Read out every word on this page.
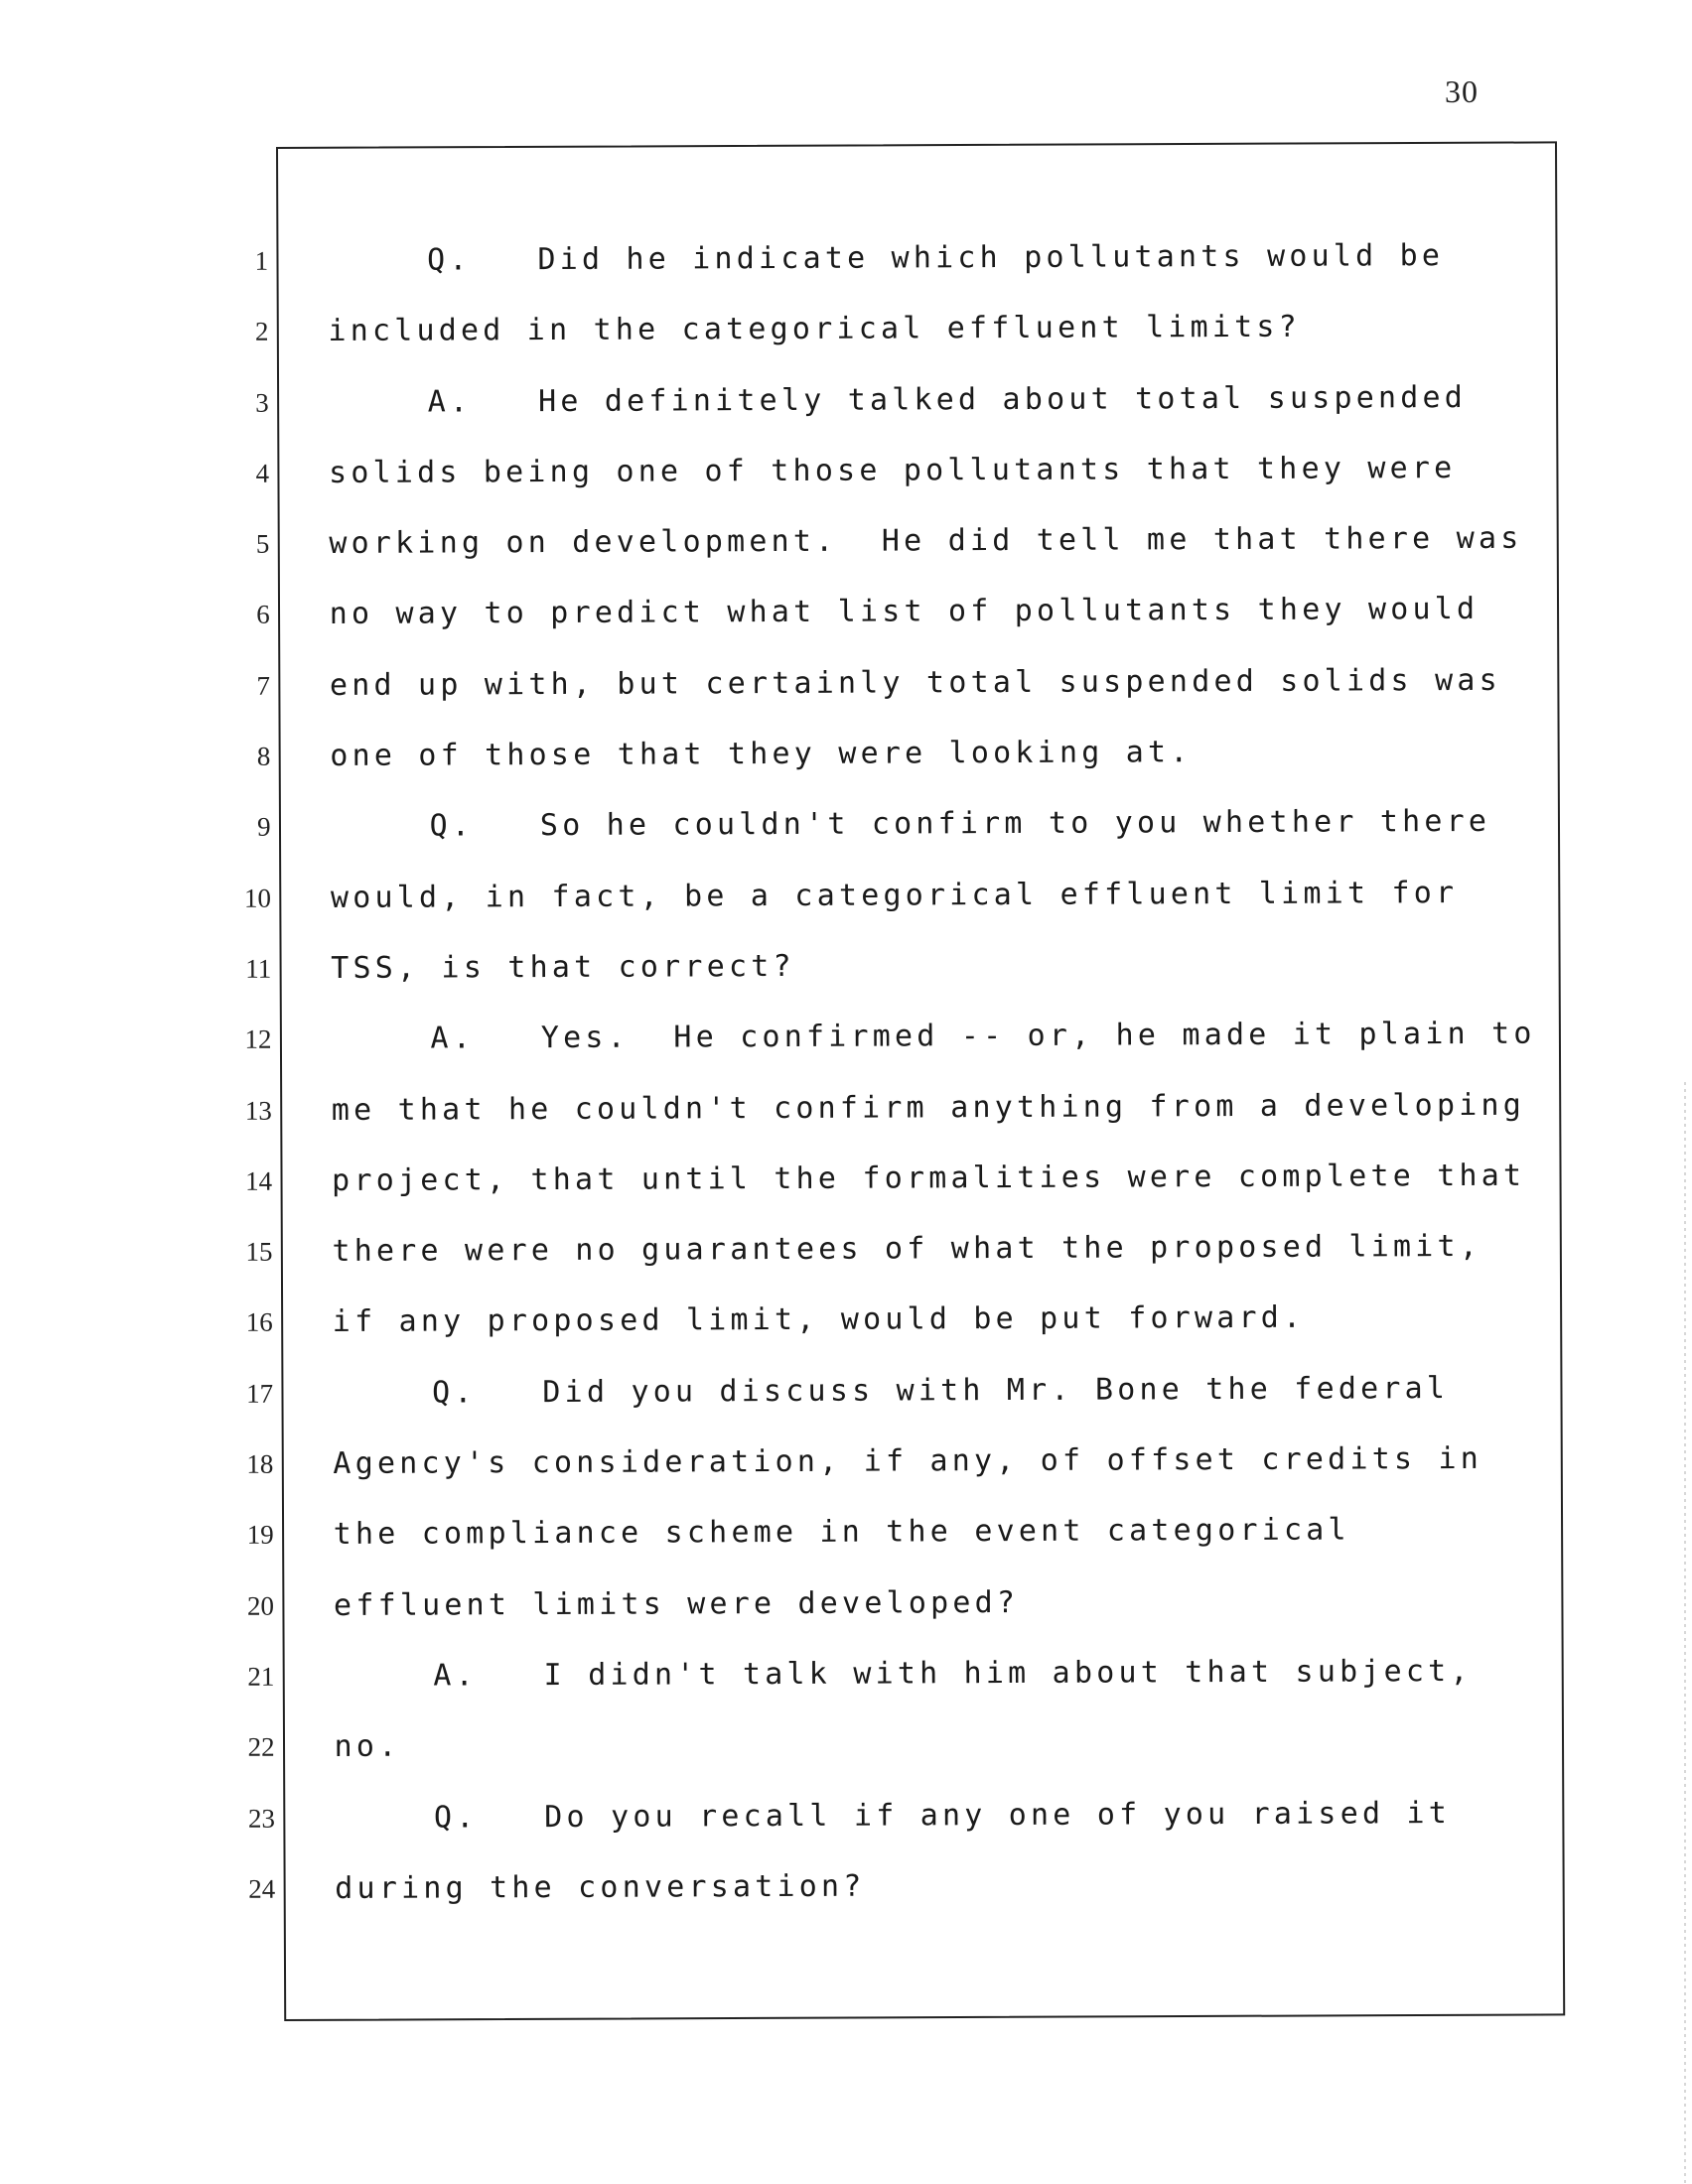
30
1
2
3
4
5
6
7
8
9
10
11
12
13
14
15
16
17
18
19
20
21
22
23
24
Q.   Did he indicate which pollutants would be
included in the categorical effluent limits?
A.   He definitely talked about total suspended
solids being one of those pollutants that they were
working on development.  He did tell me that there was
no way to predict what list of pollutants they would
end up with, but certainly total suspended solids was
one of those that they were looking at.
Q.   So he couldn't confirm to you whether there
would, in fact, be a categorical effluent limit for
TSS, is that correct?
A.   Yes.  He confirmed -- or, he made it plain to
me that he couldn't confirm anything from a developing
project, that until the formalities were complete that
there were no guarantees of what the proposed limit,
if any proposed limit, would be put forward.
Q.   Did you discuss with Mr. Bone the federal
Agency's consideration, if any, of offset credits in
the compliance scheme in the event categorical
effluent limits were developed?
A.   I didn't talk with him about that subject,
no.
Q.   Do you recall if any one of you raised it
during the conversation?
